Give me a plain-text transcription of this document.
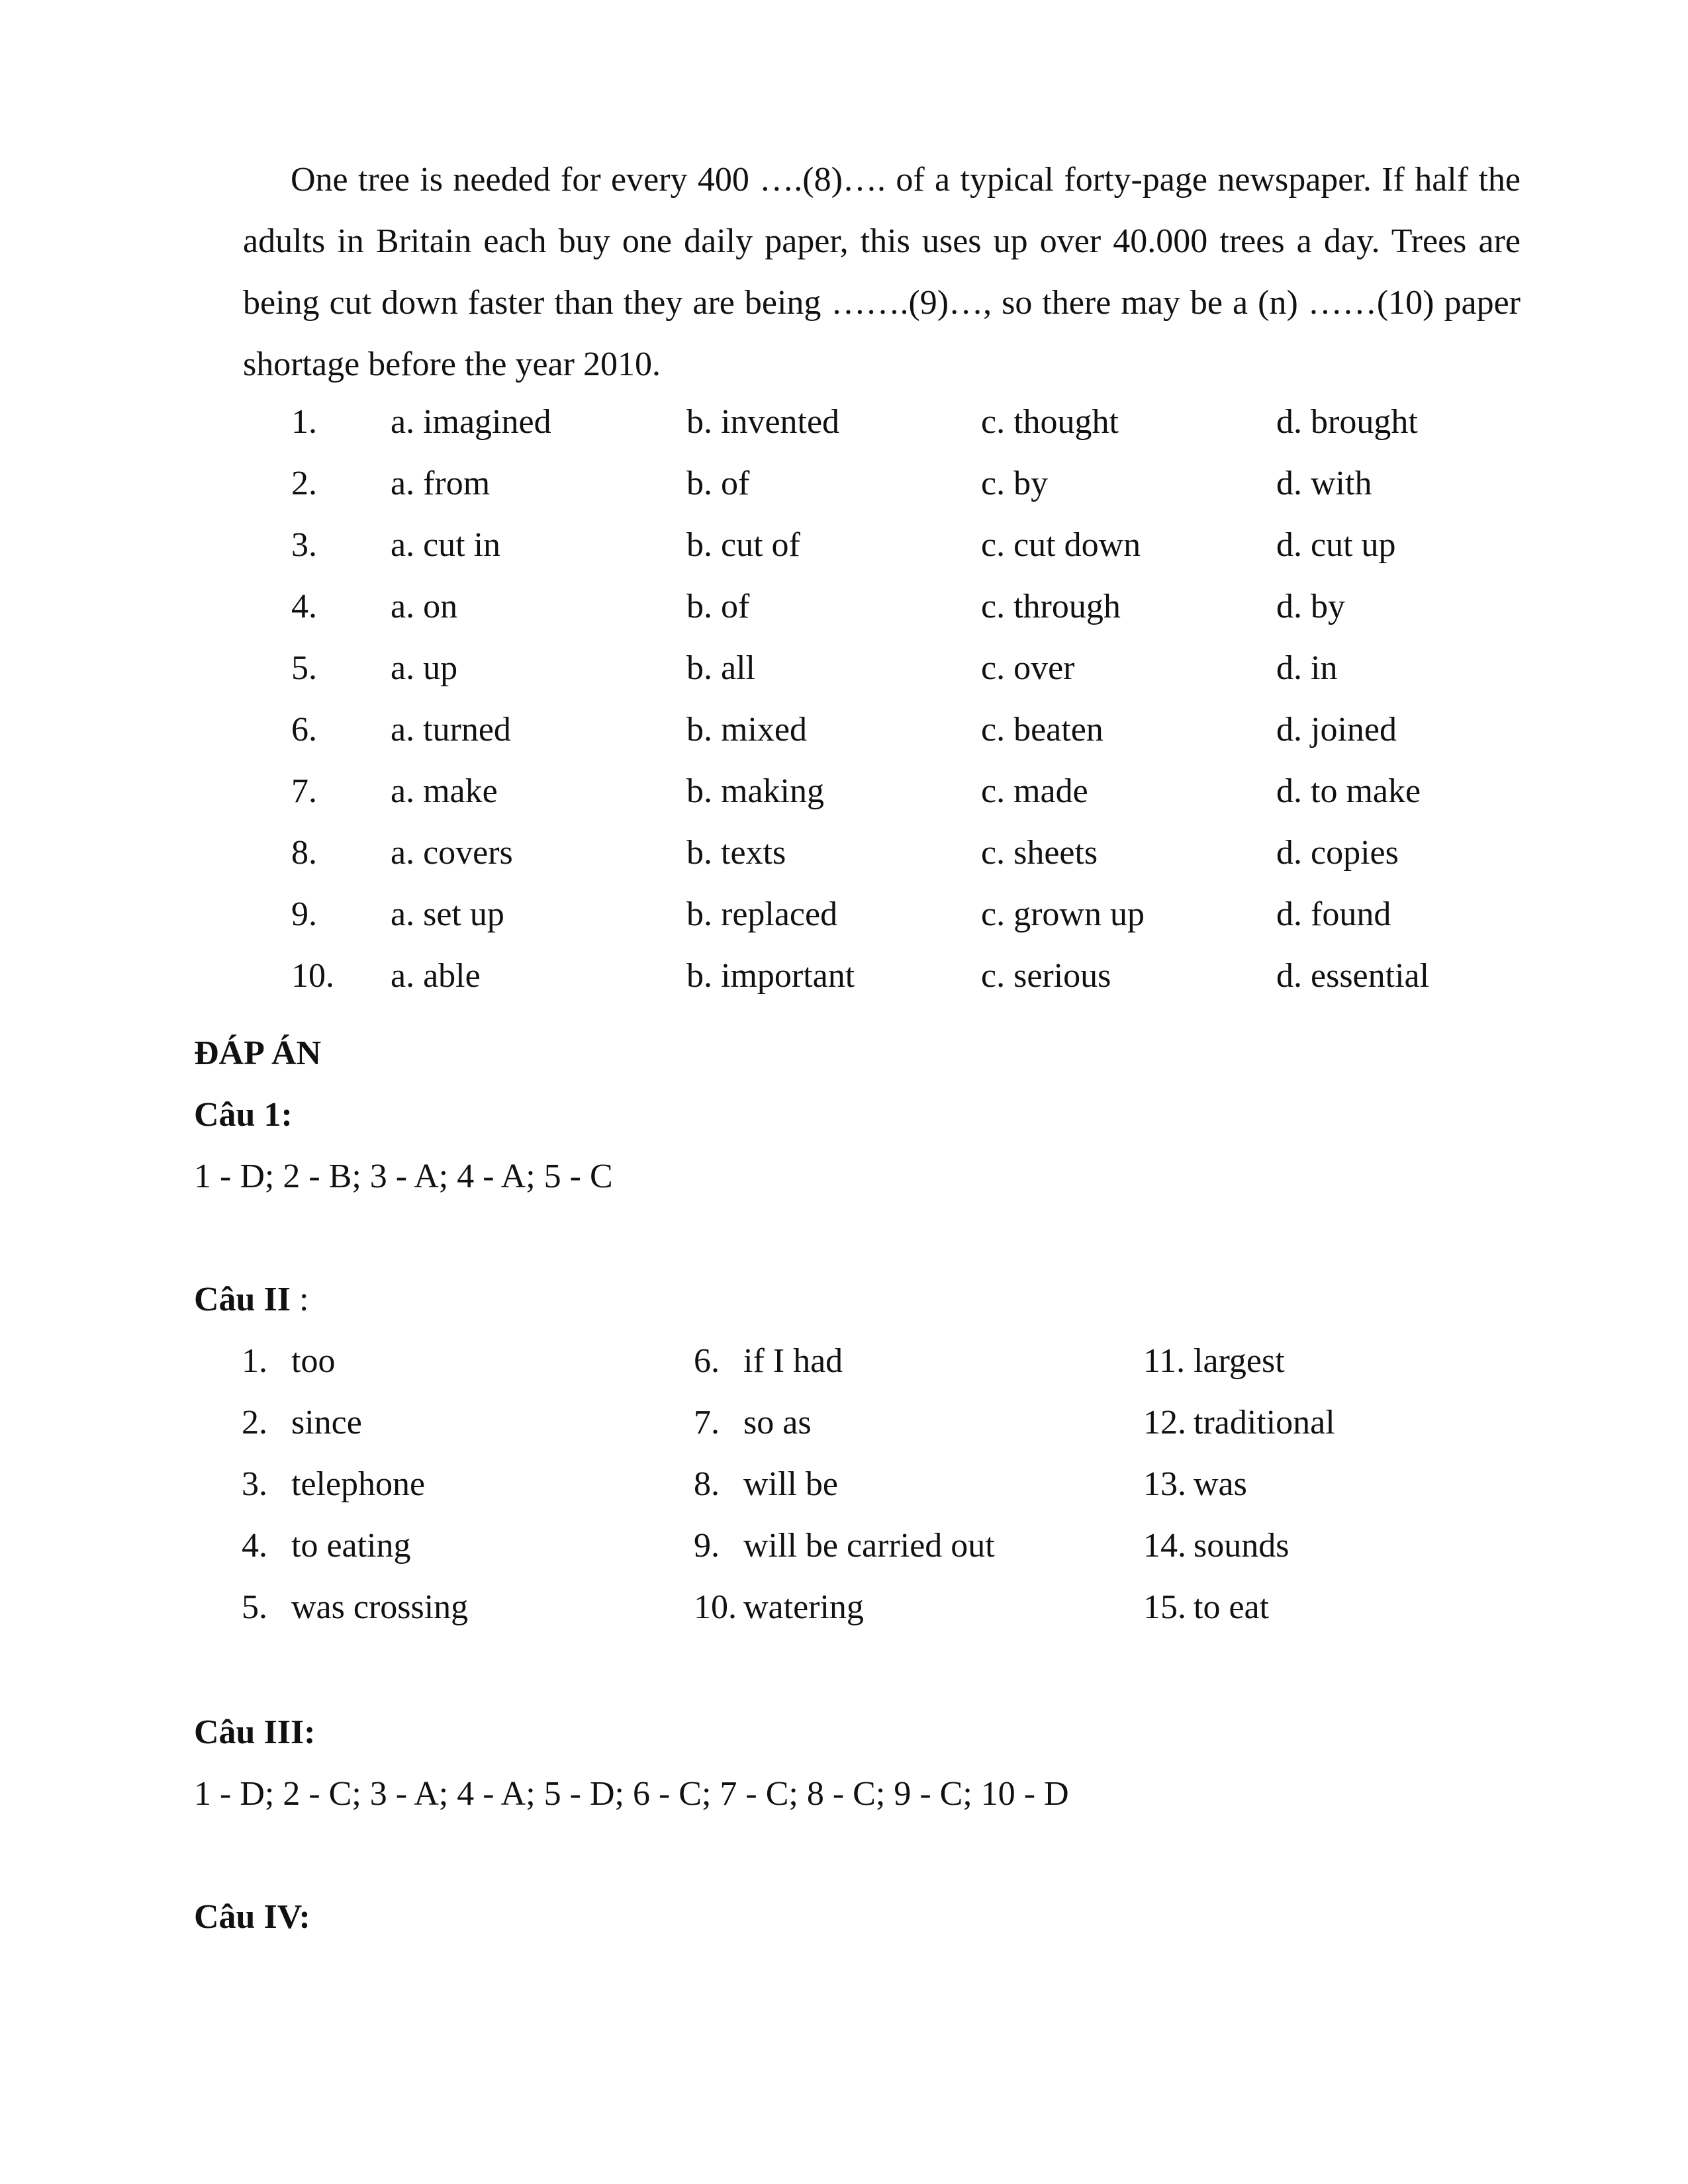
One tree is needed for every 400 ….(8)…. of a typical forty-page newspaper. If half the adults in Britain each buy one daily paper, this uses up over 40.000 trees a day. Trees are being cut down faster than they are being …….(9)…, so there may be a (n) ……(10) paper shortage before the year 2010.

1. a. imagined	b. invented	c. thought	d. brought
2. a. from	b. of	c. by	d. with
3. a. cut in	b. cut of	c. cut down	d. cut up
4. a. on	b. of	c. through	d. by
5. a. up	b. all	c. over	d. in
6. a. turned	b. mixed	c. beaten	d. joined
7. a. make	b. making	c. made	d. to make
8. a. covers	b. texts	c. sheets	d. copies
9. a. set up	b. replaced	c. grown up	d. found
10. a. able	b. important	c. serious	d. essential
ĐÁP ÁN
Câu 1:
1 - D; 2 - B; 3 - A; 4 - A; 5 - C
Câu II :
1. too	6. if I had	11. largest
2. since	7. so as	12. traditional
3. telephone	8. will be	13. was
4. to eating	9. will be carried out	14. sounds
5. was crossing	10. watering	15. to eat
Câu III:
1 - D; 2 - C; 3 - A; 4 - A; 5 - D; 6 - C; 7 - C; 8 - C; 9 - C; 10 - D
Câu IV:
